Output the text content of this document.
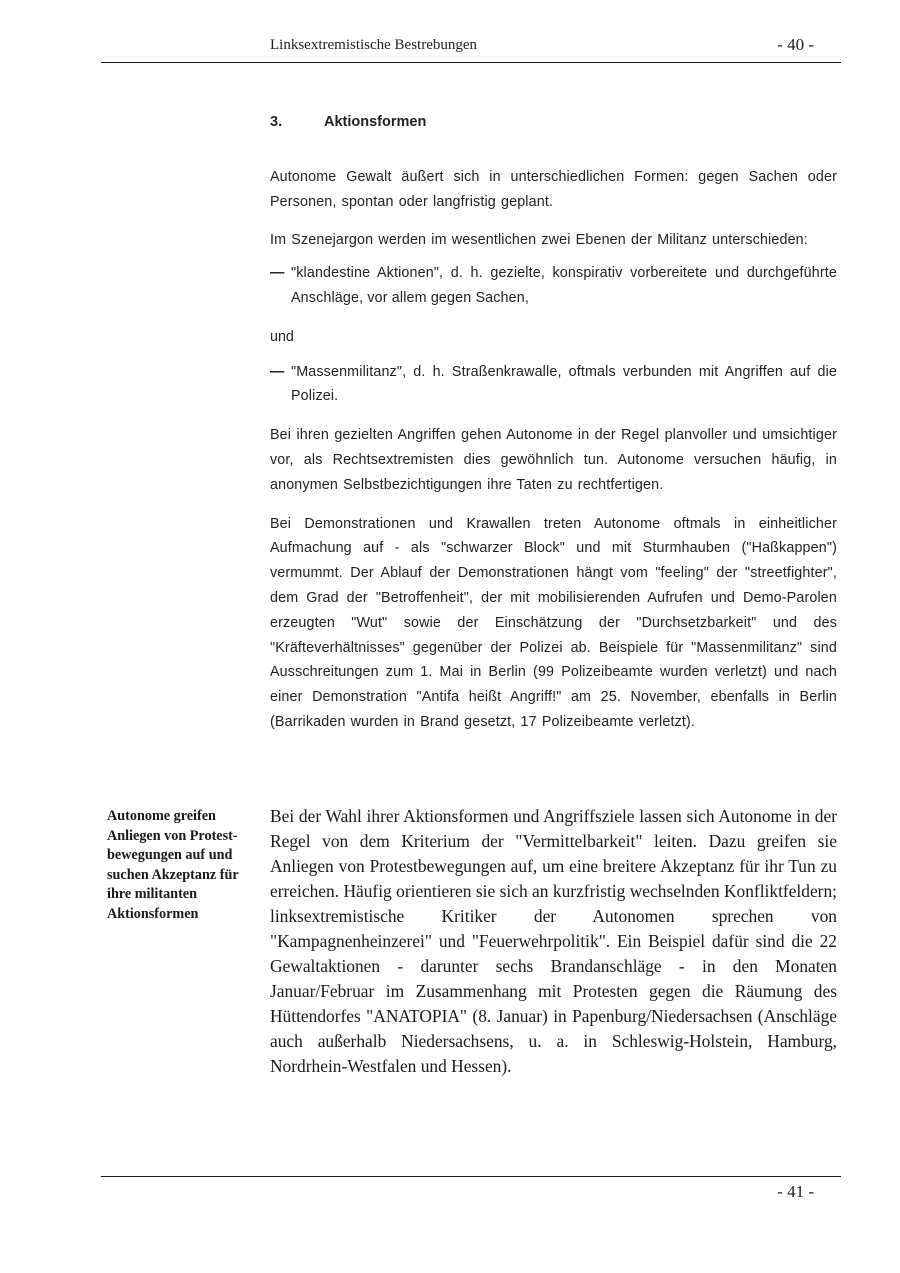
Linksextremistische Bestrebungen	- 40 -
3.	Aktionsformen

Autonome Gewalt äußert sich in unterschiedlichen Formen: gegen Sachen oder Personen, spontan oder langfristig geplant.

Im Szenejargon werden im wesentlichen zwei Ebenen der Militanz unterschieden:

— "klandestine Aktionen", d. h. gezielte, konspirativ vorbereitete und durchgeführte Anschläge, vor allem gegen Sachen,

und

— "Massenmilitanz", d. h. Straßenkrawalle, oftmals verbunden mit Angriffen auf die Polizei.

Bei ihren gezielten Angriffen gehen Autonome in der Regel planvoller und umsichtiger vor, als Rechtsextremisten dies gewöhnlich tun. Autonome versuchen häufig, in anonymen Selbstbezichtigungen ihre Taten zu rechtfertigen.

Bei Demonstrationen und Krawallen treten Autonome oftmals in einheitlicher Aufmachung auf - als "schwarzer Block" und mit Sturmhauben ("Haßkappen") vermummt. Der Ablauf der Demonstrationen hängt vom "feeling" der "streetfighter", dem Grad der "Betroffenheit", der mit mobilisierenden Aufrufen und Demo-Parolen erzeugten "Wut" sowie der Einschätzung der "Durchsetzbarkeit" und des "Kräfteverhältnisses" gegenüber der Polizei ab. Beispiele für "Massenmilitanz" sind Ausschreitungen zum 1. Mai in Berlin (99 Polizeibeamte wurden verletzt) und nach einer Demonstration "Antifa heißt Angriff!" am 25. November, ebenfalls in Berlin (Barrikaden wurden in Brand gesetzt, 17 Polizeibeamte verletzt).

Autonome greifen Anliegen von Protestbewegungen auf und suchen Akzeptanz für ihre militanten Aktionsformen

Bei der Wahl ihrer Aktionsformen und Angriffsziele lassen sich Autonome in der Regel von dem Kriterium der "Vermittelbarkeit" leiten. Dazu greifen sie Anliegen von Protestbewegungen auf, um eine breitere Akzeptanz für ihr Tun zu erreichen. Häufig orientieren sie sich an kurzfristig wechselnden Konfliktfeldern; linksextremistische Kritiker der Autonomen sprechen von "Kampagnenheinzerei" und "Feuerwehrpolitik". Ein Beispiel dafür sind die 22 Gewaltaktionen - darunter sechs Brandanschläge - in den Monaten Januar/Februar im Zusammenhang mit Protesten gegen die Räumung des Hüttendorfes "ANATOPIA" (8. Januar) in Papenburg/Niedersachsen (Anschläge auch außerhalb Niedersachsens, u. a. in Schleswig-Holstein, Hamburg, Nordrhein-Westfalen und Hessen).

- 41 -
